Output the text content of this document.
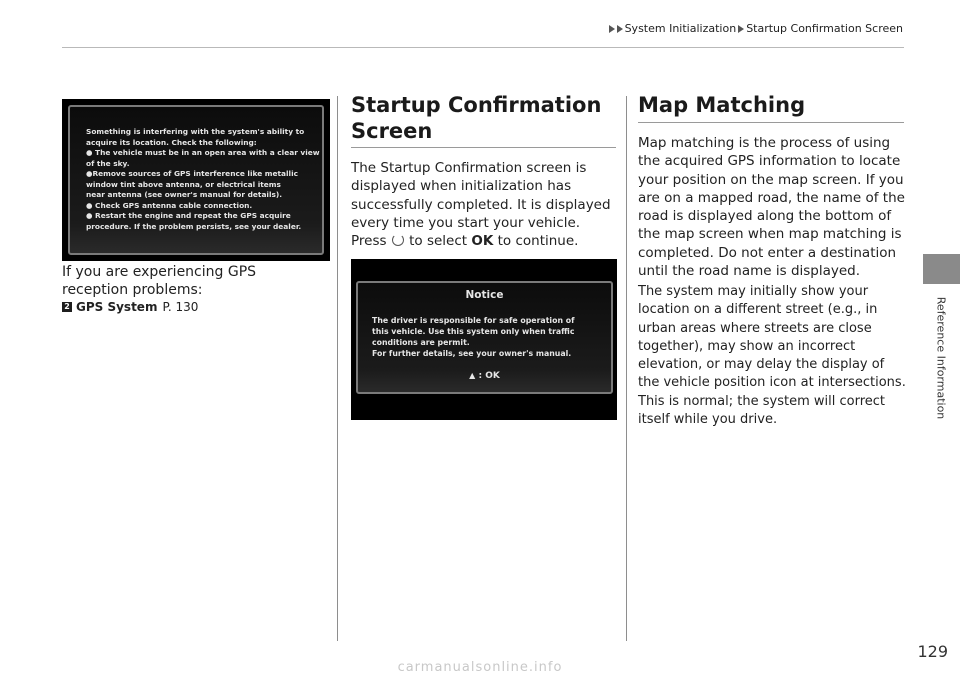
System Initialization Startup Confirmation Screen
Reference Information
Something is interfering with the system's ability to
acquire its location. Check the following:
● The vehicle must be in an open area with a clear view
of the sky.
●Remove sources of GPS interference like metallic
window tint above antenna, or electrical items
near antenna (see owner's manual for details).
● Check GPS antenna cable connection.
● Restart the engine and repeat the GPS acquire
procedure. If the problem persists, see your dealer.
If you are experiencing GPS reception problems:
2 GPS System P. 130
Startup Confirmation
Screen
The Startup Confirmation screen is displayed when initialization has successfully completed. It is displayed every time you start your vehicle. Press to select OK to continue.
Notice
The driver is responsible for safe operation of
this vehicle. Use this system only when traffic
conditions are permit.
For further details, see your owner's manual.
▲ : OK
Map Matching
Map matching is the process of using the acquired GPS information to locate your position on the map screen. If you are on a mapped road, the name of the road is displayed along the bottom of the map screen when map matching is completed. Do not enter a destination until the road name is displayed.
The system may initially show your location on a different street (e.g., in urban areas where streets are close together), may show an incorrect elevation, or may delay the display of the vehicle position icon at intersections. This is normal; the system will correct itself while you drive.
129
carmanualsonline.info
